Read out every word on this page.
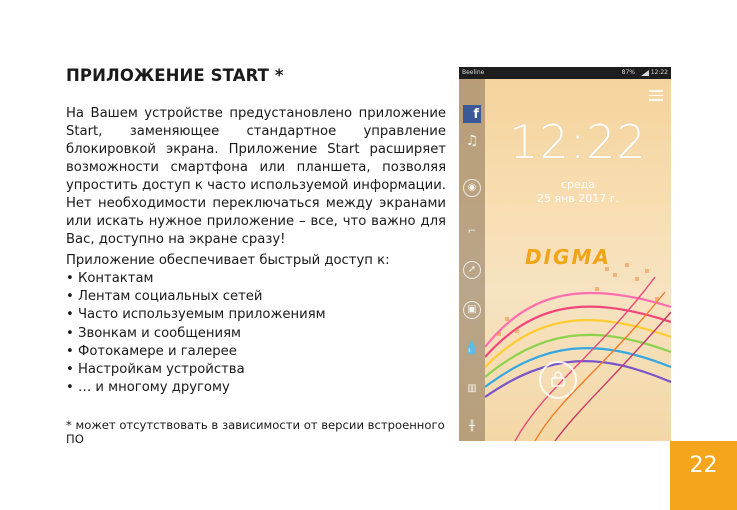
ПРИЛОЖЕНИЕ START *

На Вашем устройстве предустановлено приложение Start, заменяющее стандартное управление блокировкой экрана. Приложение Start расширяет возможности смартфона или планшета, позволяя упростить доступ к часто используемой информации. Нет необходимости переключаться между экранами или искать нужное приложение – все, что важно для Вас, доступно на экране сразу!

Приложение обеспечивает быстрый доступ к:

• Контактам
• Лентам социальных сетей
• Часто используемым приложениям
• Звонкам и сообщениям
• Фотокамере и галерее
• Настройкам устройства
• … и многому другому

* может отсутствовать в зависимости от версии встроенного ПО

Beeline	87%	12:22
f
♫
◉
⌐
➚
▣
💧
▥
╫
12:22
среда
25 янв 2017 г.
DIGMA
22
